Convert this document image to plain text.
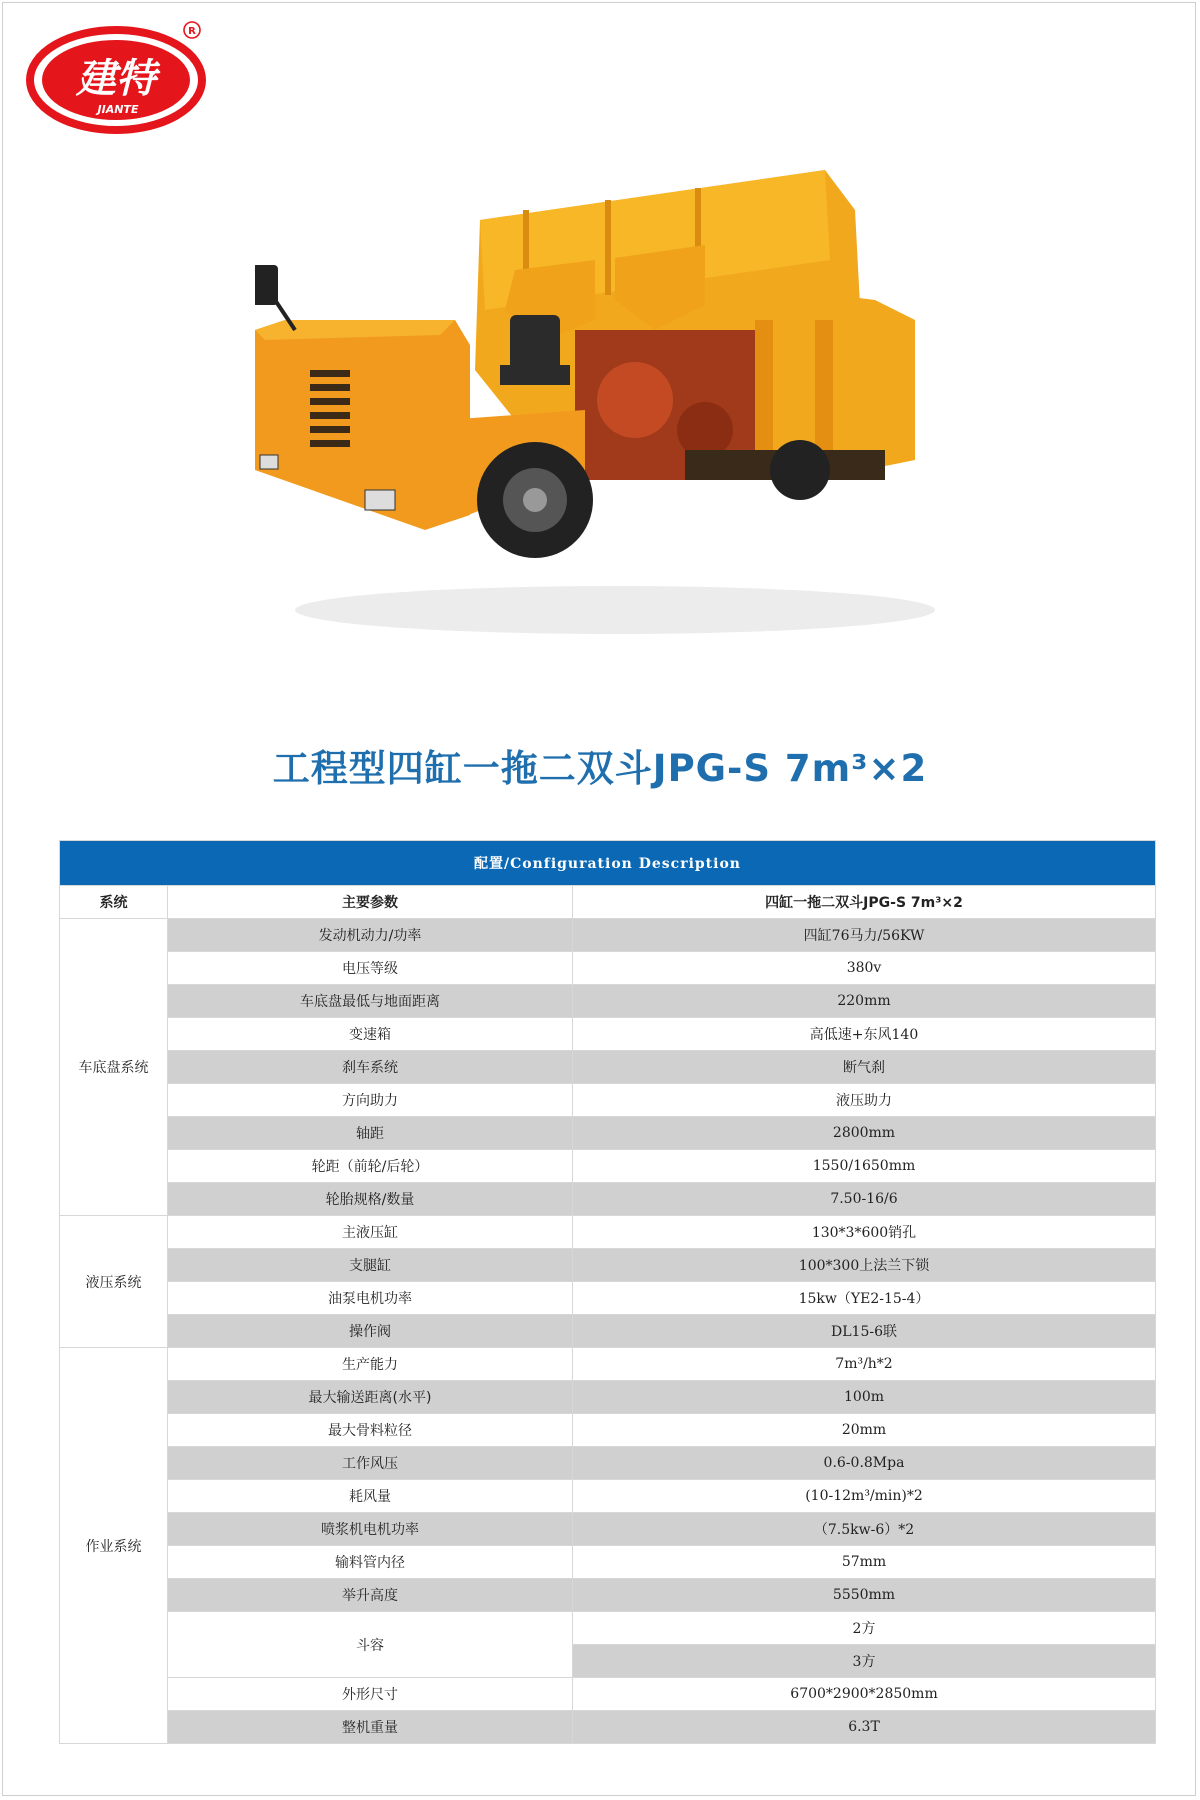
建特
JIANTE
R
工程型四缸一拖二双斗JPG-S 7m³×2
配置/Configuration Description		
系统	主要参数	四缸一拖二双斗JPG-S 7m³×2
车底盘系统	发动机动力/功率	四缸76马力/56KW
	电压等级	380v
	车底盘最低与地面距离	220mm
	变速箱	高低速+东风140
	刹车系统	断气刹
	方向助力	液压助力
	轴距	2800mm
	轮距（前轮/后轮）	1550/1650mm
	轮胎规格/数量	7.50-16/6
液压系统	主液压缸	130*3*600销孔
	支腿缸	100*300上法兰下锁
	油泵电机功率	15kw（YE2-15-4）
	操作阀	DL15-6联
作业系统	生产能力	7m³/h*2
	最大输送距离(水平)	100m
	最大骨料粒径	20mm
	工作风压	0.6-0.8Mpa
	耗风量	(10-12m³/min)*2
	喷浆机电机功率	（7.5kw-6）*2
	输料管内径	57mm
	举升高度	5550mm
	斗容	2方
		3方
	外形尺寸	6700*2900*2850mm
	整机重量	6.3T
